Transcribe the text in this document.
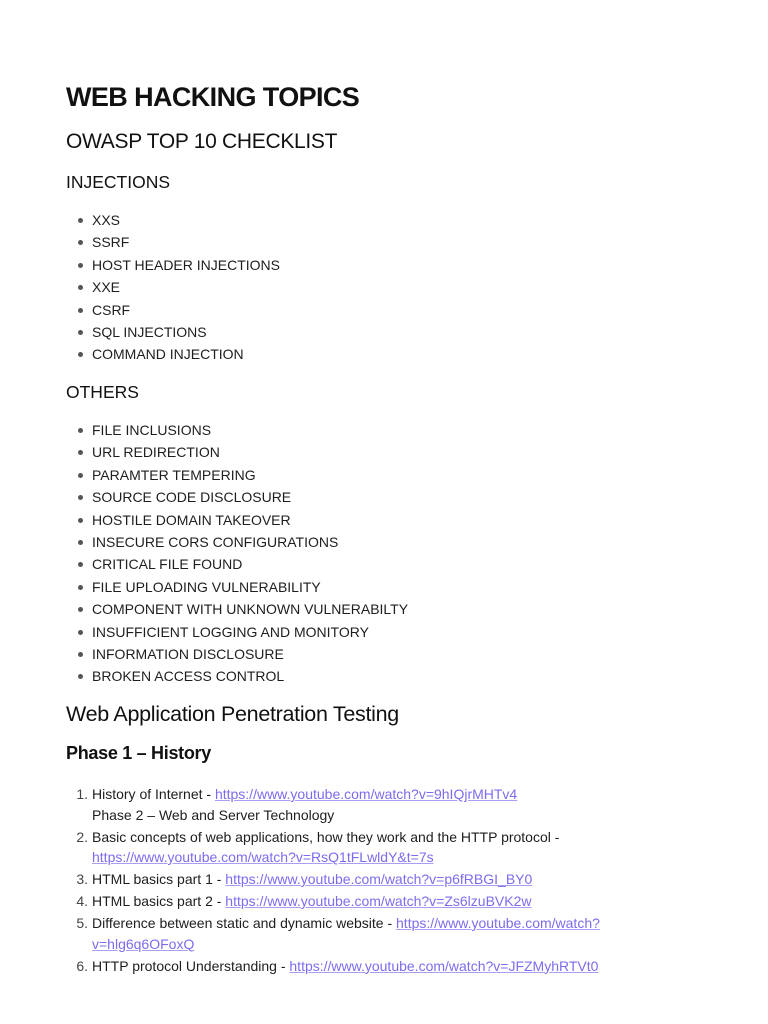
WEB HACKING TOPICS
OWASP TOP 10 CHECKLIST
INJECTIONS
XXS
SSRF
HOST HEADER INJECTIONS
XXE
CSRF
SQL INJECTIONS
COMMAND INJECTION
OTHERS
FILE INCLUSIONS
URL REDIRECTION
PARAMTER TEMPERING
SOURCE CODE DISCLOSURE
HOSTILE DOMAIN TAKEOVER
INSECURE CORS CONFIGURATIONS
CRITICAL FILE FOUND
FILE UPLOADING VULNERABILITY
COMPONENT WITH UNKNOWN VULNERABILTY
INSUFFICIENT LOGGING AND MONITORY
INFORMATION DISCLOSURE
BROKEN ACCESS CONTROL
Web Application Penetration Testing
Phase 1 – History
1. History of Internet - https://www.youtube.com/watch?v=9hIQjrMHTv4
Phase 2 – Web and Server Technology
2. Basic concepts of web applications, how they work and the HTTP protocol - https://www.youtube.com/watch?v=RsQ1tFLwldY&t=7s
3. HTML basics part 1 - https://www.youtube.com/watch?v=p6fRBGI_BY0
4. HTML basics part 2 - https://www.youtube.com/watch?v=Zs6lzuBVK2w
5. Difference between static and dynamic website - https://www.youtube.com/watch?v=hlg6q6OFoxQ
6. HTTP protocol Understanding - https://www.youtube.com/watch?v=JFZMyhRTVt0
